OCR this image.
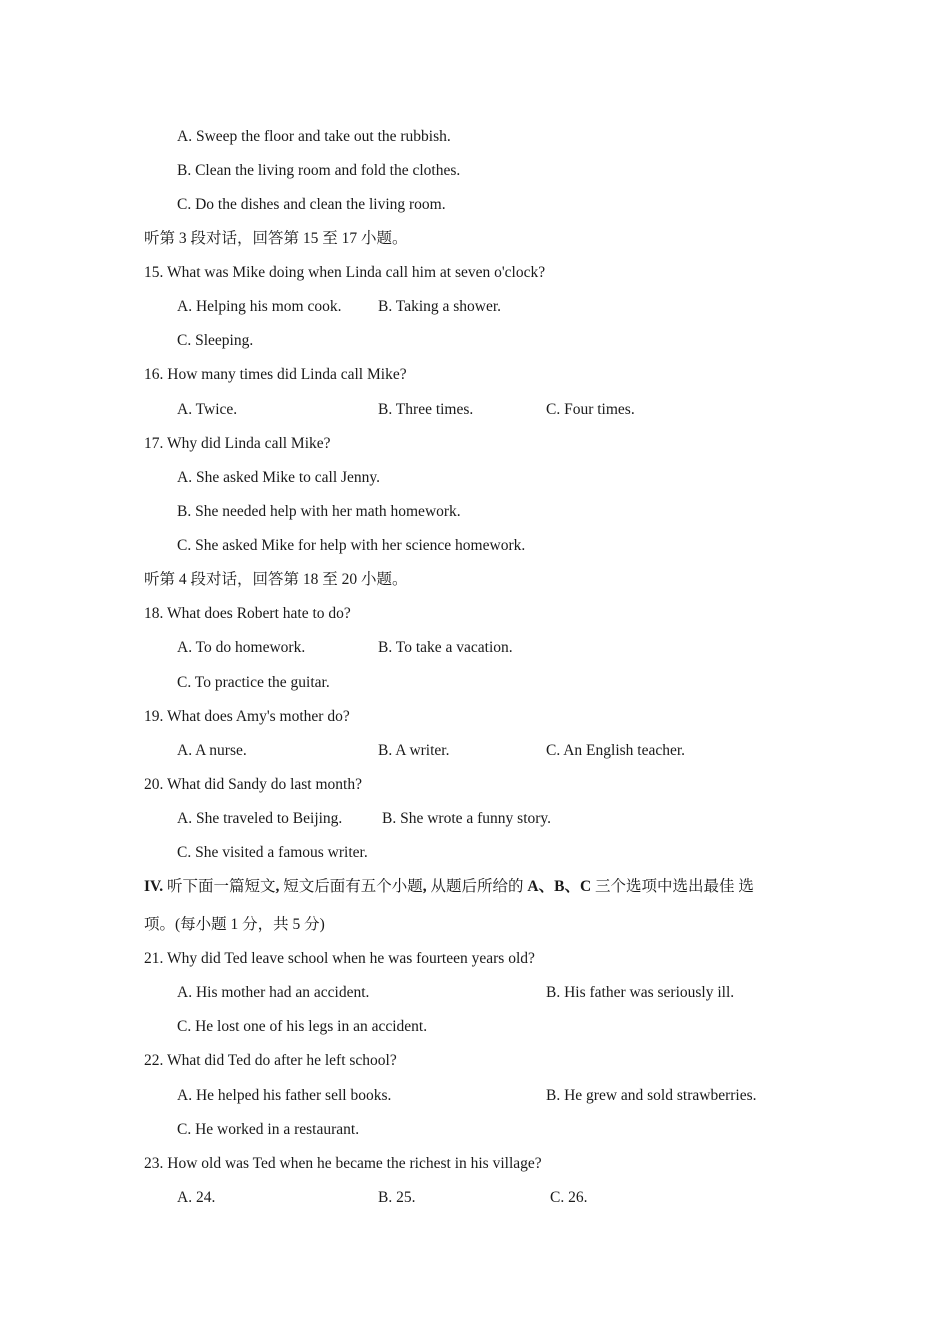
A. Sweep the floor and take out the rubbish.
B. Clean the living room and fold the clothes.
C. Do the dishes and clean the living room.
听第 3 段对话，回答第 15 至 17 小题。
15. What was Mike doing when Linda call him at seven o'clock?
A. Helping his mom cook. B. Taking a shower.
C. Sleeping.
16. How many times did Linda call Mike?
A. Twice.	B. Three times.	C. Four times.
17. Why did Linda call Mike?
A. She asked Mike to call Jenny.
B. She needed help with her math homework.
C. She asked Mike for help with her science homework.
听第 4 段对话，回答第 18 至 20 小题。
18. What does Robert hate to do?
A. To do homework.	B. To take a vacation.
C. To practice the guitar.
19. What does Amy's mother do?
A. A nurse.	B. A writer.	C. An English teacher.
20. What did Sandy do last month?
A. She traveled to Beijing.	B. She wrote a funny story.
C. She visited a famous writer.
项。(每小题 1 分，共 5 分)
21. Why did Ted leave school when he was fourteen years old?
A. His mother had an accident.	B. His father was seriously ill.
C. He lost one of his legs in an accident.
22. What did Ted do after he left school?
A. He helped his father sell books.	B. He grew and sold strawberries.
C. He worked in a restaurant.
23. How old was Ted when he became the richest in his village?
A. 24.	B. 25.	C. 26.
IV. 听下面一篇短文, 短文后面有五个小题, 从题后所给的 A、B、C 三个选项中选出最佳 选
